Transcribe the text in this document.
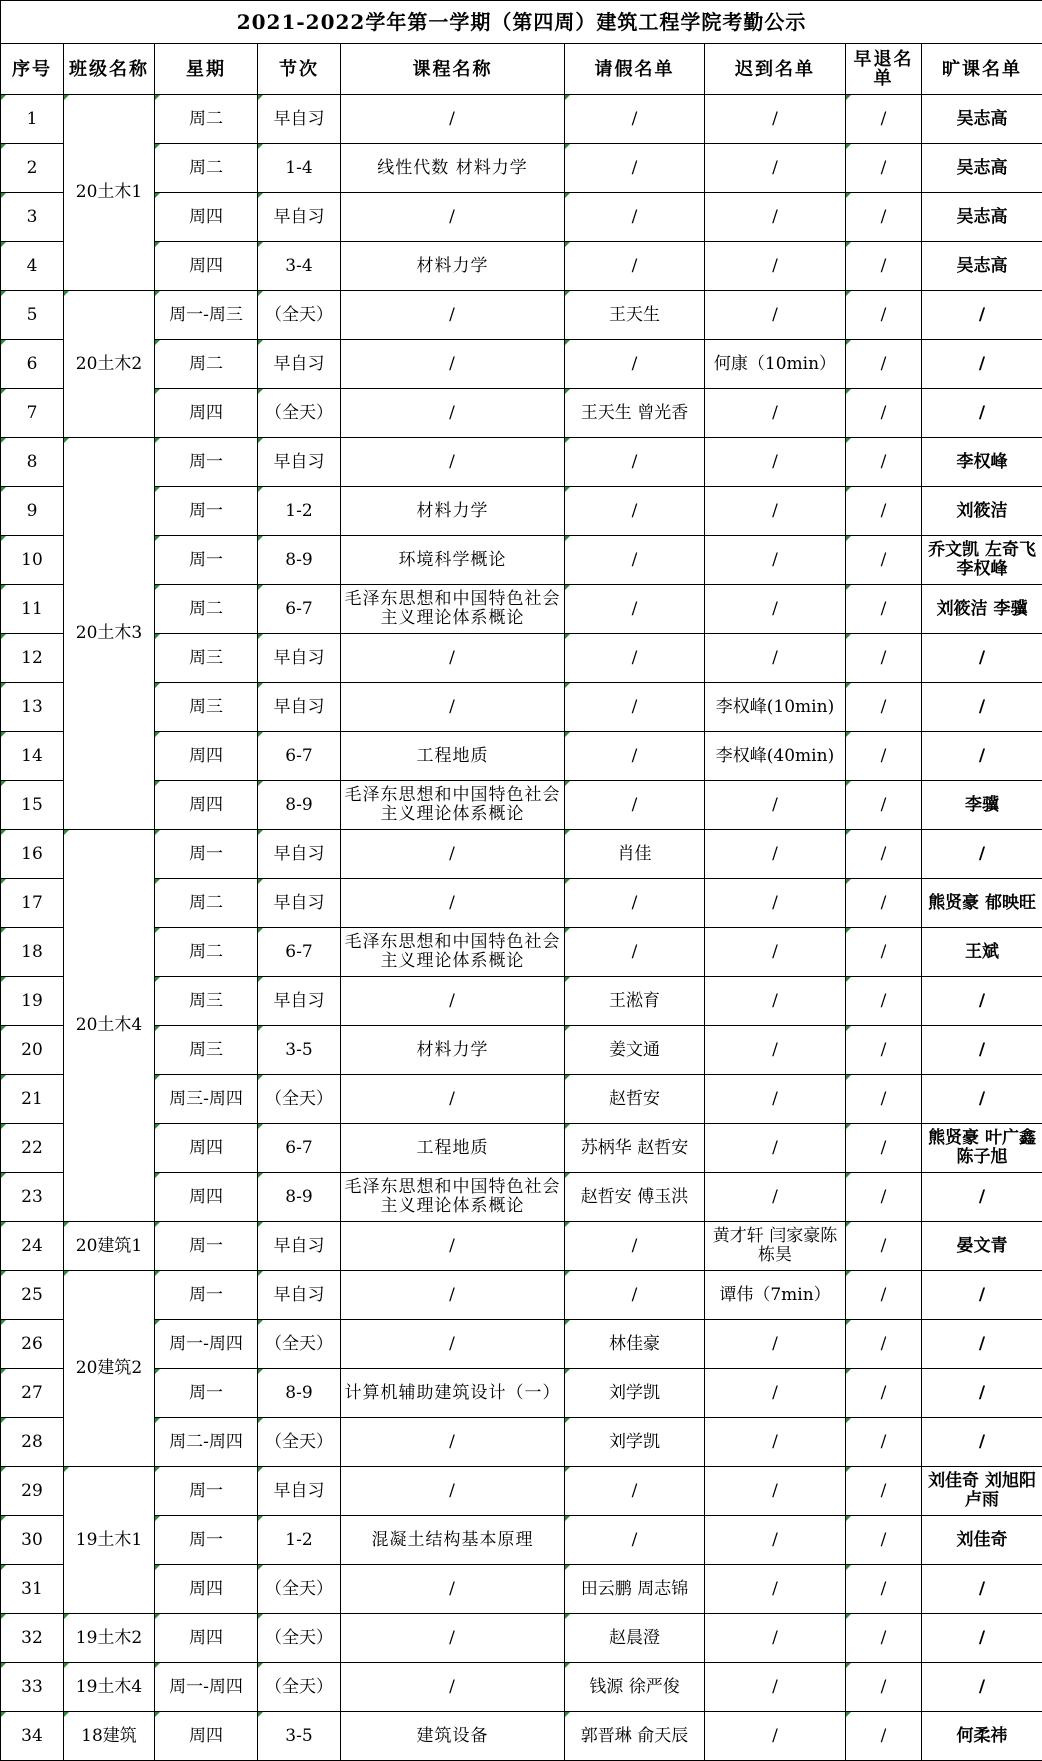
2021-2022学年第一学期（第四周）建筑工程学院考勤公示								
序号	班级名称	星期	节次	课程名称	请假名单	迟到名单	早退名单	旷课名单
1	20土木1	周二	早自习	/	/	/	/	吴志高
2		周二	1-4	线性代数 材料力学	/	/	/	吴志高
3		周四	早自习	/	/	/	/	吴志高
4		周四	3-4	材料力学	/	/	/	吴志高
5	20土木2	周一-周三	（全天）	/	王天生	/	/	/
6		周二	早自习	/	/	何康（10min）	/	/
7		周四	（全天）	/	王天生 曾光香	/	/	/
8	20土木3	周一	早自习	/	/	/	/	李权峰
9		周一	1-2	材料力学	/	/	/	刘筱洁
10		周一	8-9	环境科学概论	/	/	/	乔文凯 左奇飞李权峰
11		周二	6-7	毛泽东思想和中国特色社会主义理论体系概论	/	/	/	刘筱洁 李骥
12		周三	早自习	/	/	/	/	/
13		周三	早自习	/	/	李权峰(10min)	/	/
14		周四	6-7	工程地质	/	李权峰(40min)	/	/
15		周四	8-9	毛泽东思想和中国特色社会主义理论体系概论	/	/	/	李骥
16	20土木4	周一	早自习	/	肖佳	/	/	/
17		周二	早自习	/	/	/	/	熊贤豪 郁映旺
18		周二	6-7	毛泽东思想和中国特色社会主义理论体系概论	/	/	/	王斌
19		周三	早自习	/	王淞育	/	/	/
20		周三	3-5	材料力学	姜文通	/	/	/
21		周三-周四	（全天）	/	赵哲安	/	/	/
22		周四	6-7	工程地质	苏柄华 赵哲安	/	/	熊贤豪 叶广鑫陈子旭
23		周四	8-9	毛泽东思想和中国特色社会主义理论体系概论	赵哲安 傅玉洪	/	/	/
24	20建筑1	周一	早自习	/	/	黄才轩 闫家豪陈栋昊	/	晏文青
25	20建筑2	周一	早自习	/	/	谭伟（7min）	/	/
26		周一-周四	（全天）	/	林佳豪	/	/	/
27		周一	8-9	计算机辅助建筑设计（一）	刘学凯	/	/	/
28		周二-周四	（全天）	/	刘学凯	/	/	/
29	19土木1	周一	早自习	/	/	/	/	刘佳奇 刘旭阳 卢雨
30		周一	1-2	混凝土结构基本原理	/	/	/	刘佳奇
31		周四	（全天）	/	田云鹏 周志锦	/	/	/
32	19土木2	周四	（全天）	/	赵晨澄	/	/	/
33	19土木4	周一-周四	（全天）	/	钱源 徐严俊	/	/	/
34	18建筑	周四	3-5	建筑设备	郭晋琳 俞天辰	/	/	何柔祎
